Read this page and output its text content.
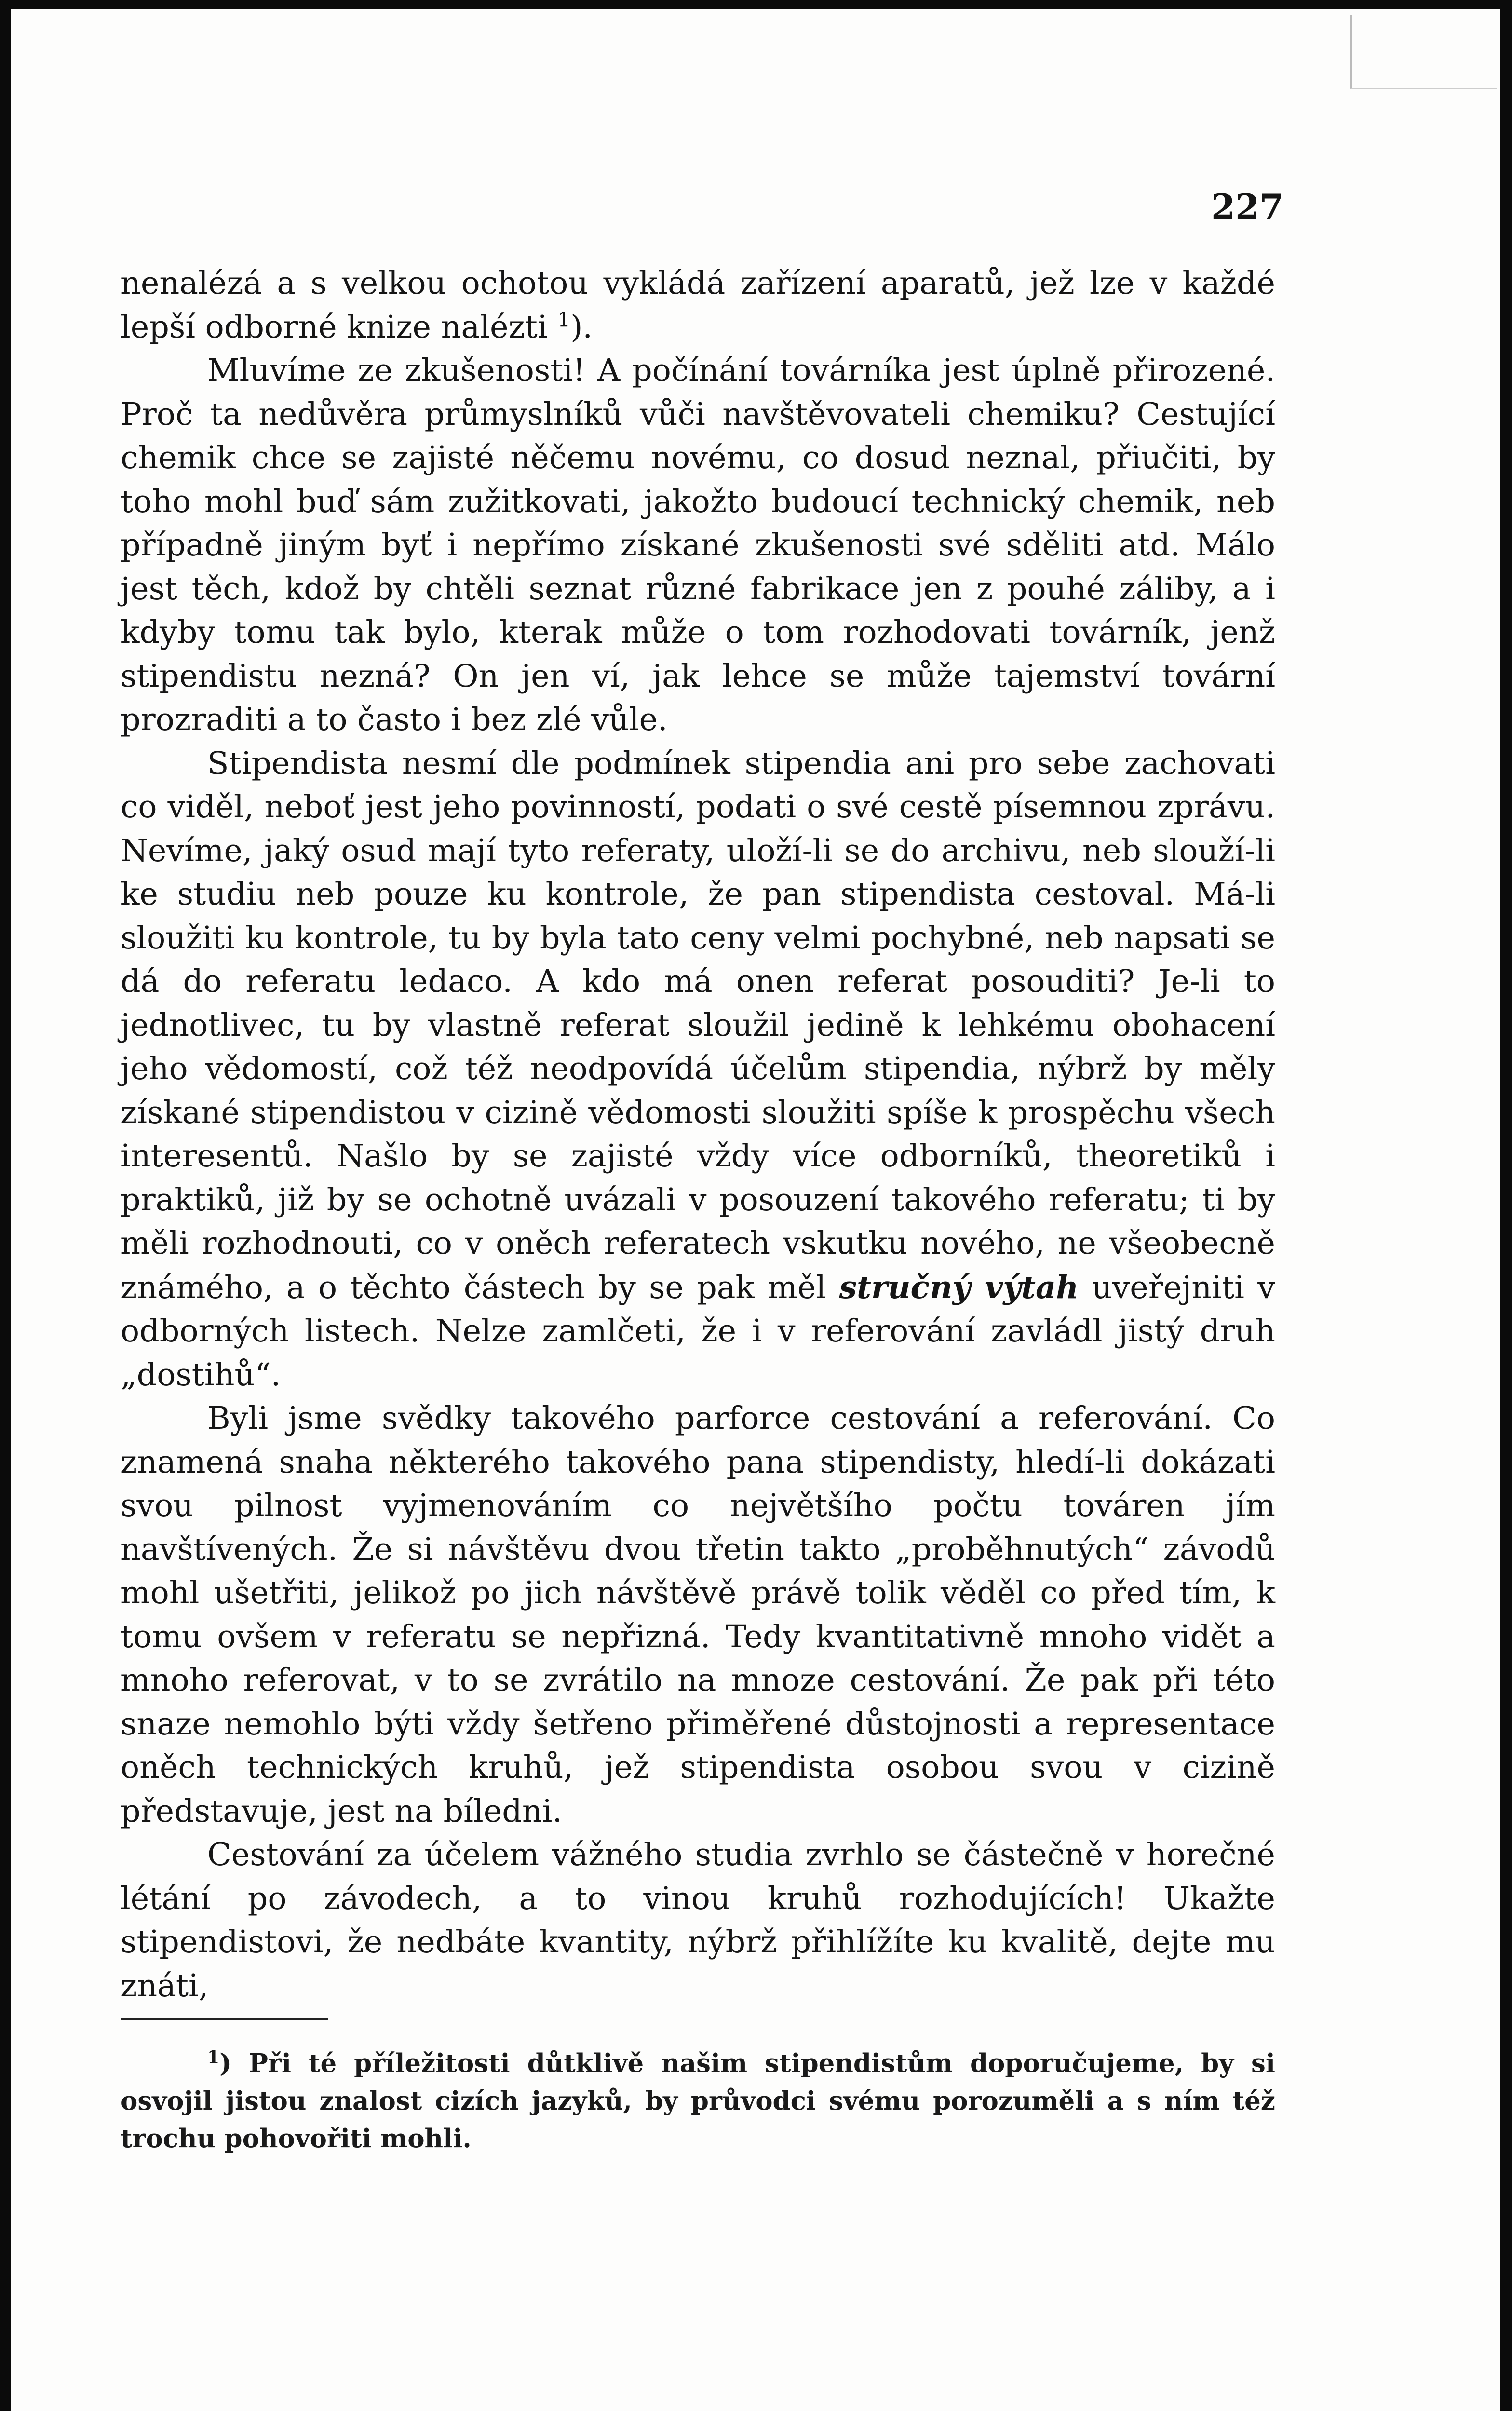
227

nenalézá a s velkou ochotou vykládá zařízení aparatů, jež lze v každé lepší odborné knize nalézti $^1$).

Mluvíme ze zkušenosti! A počínání továrníka jest úplně přirozené. Proč ta nedůvěra průmyslníků vůči navštěvovateli chemiku? Cestující chemik chce se zajisté něčemu novému, co dosud neznal, přiučiti, by toho mohl buď sám zužitkovati, jakožto budoucí technický chemik, neb případně jiným byť i nepřímo získané zkušenosti své sděliti atd. Málo jest těch, kdož by chtěli seznat různé fabrikace jen z pouhé záliby, a i kdyby tomu tak bylo, kterak může o tom rozhodovati továrník, jenž stipendistu nezná? On jen ví, jak lehce se může tajemství tovární prozraditi a to často i bez zlé vůle.

Stipendista nesmí dle podmínek stipendia ani pro sebe zachovati co viděl, neboť jest jeho povinností, podati o své cestě písemnou zprávu. Nevíme, jaký osud mají tyto referaty, uloží-li se do archivu, neb slouží-li ke studiu neb pouze ku kontrole, že pan stipendista cestoval. Má-li sloužiti ku kontrole, tu by byla tato ceny velmi pochybné, neb napsati se dá do referatu ledaco. A kdo má onen referat posouditi? Je-li to jednotlivec, tu by vlastně referat sloužil jedině k lehkému obohacení jeho vědomostí, což též neodpovídá účelům stipendia, nýbrž by měly získané stipendistou v cizině vědomosti sloužiti spíše k prospěchu všech interesentů. Našlo by se zajisté vždy více odborníků, theoretiků i praktiků, již by se ochotně uvázali v posouzení takového referatu; ti by měli rozhodnouti, co v oněch referatech vskutku nového, ne všeobecně známého, a o těchto částech by se pak měl stručný výtah uveřejniti v odborných listech. Nelze zamlčeti, že i v referování zavládl jistý druh „dostihů“.

Byli jsme svědky takového parforce cestování a referování. Co znamená snaha některého takového pana stipendisty, hledí-li dokázati svou pilnost vyjmenováním co největšího počtu továren jím navštívených. Že si návštěvu dvou třetin takto „proběhnutých“ závodů mohl ušetřiti, jelikož po jich návštěvě právě tolik věděl co před tím, k tomu ovšem v referatu se nepřizná. Tedy kvantitativně mnoho vidět a mnoho referovat, v to se zvrátilo na mnoze cestování. Že pak při této snaze nemohlo býti vždy šetřeno přiměřené důstojnosti a representace oněch technických kruhů, jež stipendista osobou svou v cizině představuje, jest na bíledni.

Cestování za účelem vážného studia zvrhlo se částečně v horečné létání po závodech, a to vinou kruhů rozhodujících! Ukažte stipendistovi, že nedbáte kvantity, nýbrž přihlížíte ku kvalitě, dejte mu znáti,

$^1$) Při té příležitosti důtklivě našim stipendistům doporučujeme, by si osvojil jistou znalost cizích jazyků, by průvodci svému porozuměli a s ním též trochu pohovořiti mohli.
